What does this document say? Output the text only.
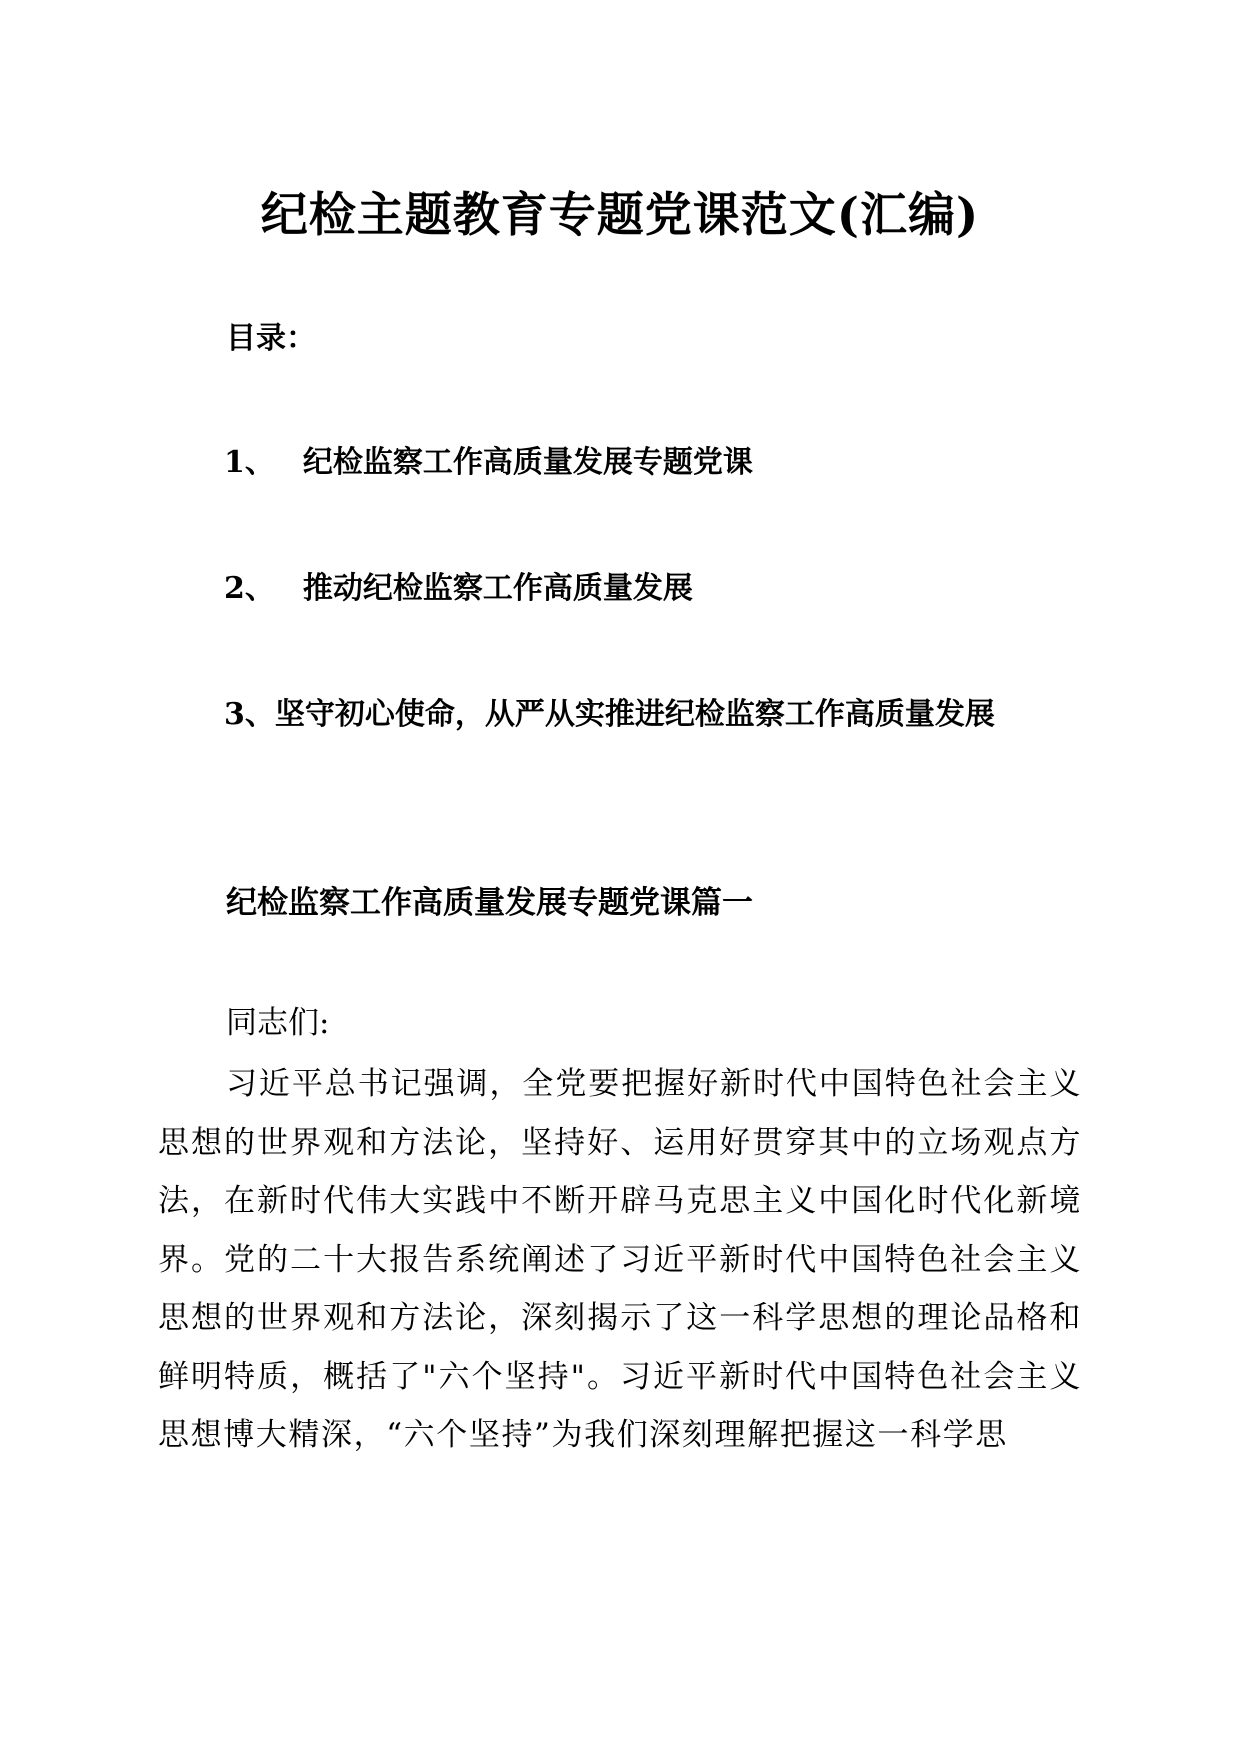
纪检主题教育专题党课范文(汇编)
目录：
1、 纪检监察工作高质量发展专题党课
2、 推动纪检监察工作高质量发展
3、坚守初心使命，从严从实推进纪检监察工作高质量发展
纪检监察工作高质量发展专题党课篇一
同志们:

习近平总书记强调，全党要把握好新时代中国特色社会主义思想的世界观和方法论，坚持好、运用好贯穿其中的立场观点方法，在新时代伟大实践中不断开辟马克思主义中国化时代化新境界。党的二十大报告系统阐述了习近平新时代中国特色社会主义思想的世界观和方法论，深刻揭示了这一科学思想的理论品格和鲜明特质，概括了"六个坚持"。习近平新时代中国特色社会主义思想博大精深，“六个坚持”为我们深刻理解把握这一科学思
